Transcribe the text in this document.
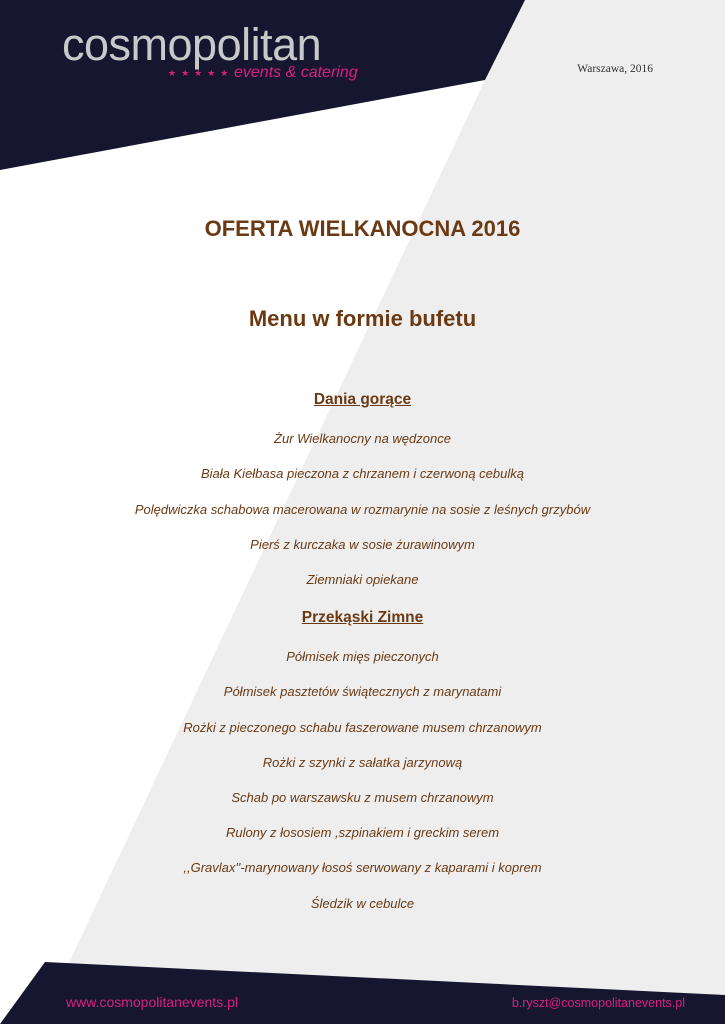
cosmopolitan
★★★★★ events & catering	Warszawa, 2016
OFERTA WIELKANOCNA 2016
Menu w formie bufetu
Dania gorące

Żur Wielkanocny na wędzonce

Biała Kiełbasa pieczona z chrzanem i czerwoną cebulką

Polędwiczka schabowa macerowana w rozmarynie na sosie z leśnych grzybów

Pierś z kurczaka w sosie żurawinowym

Ziemniaki opiekane

Przekąski Zimne

Półmisek mięs pieczonych

Półmisek pasztetów świątecznych z marynatami

Rożki z pieczonego schabu faszerowane musem chrzanowym

Rożki z szynki z sałatka jarzynową

Schab po warszawsku z musem chrzanowym

Rulony z łososiem ,szpinakiem i greckim serem

,,Gravlax''-marynowany łosoś serwowany z kaparami i koprem

Śledzik w cebulce

www.cosmopolitanevents.pl	b.ryszt@cosmopolitanevents.pl
